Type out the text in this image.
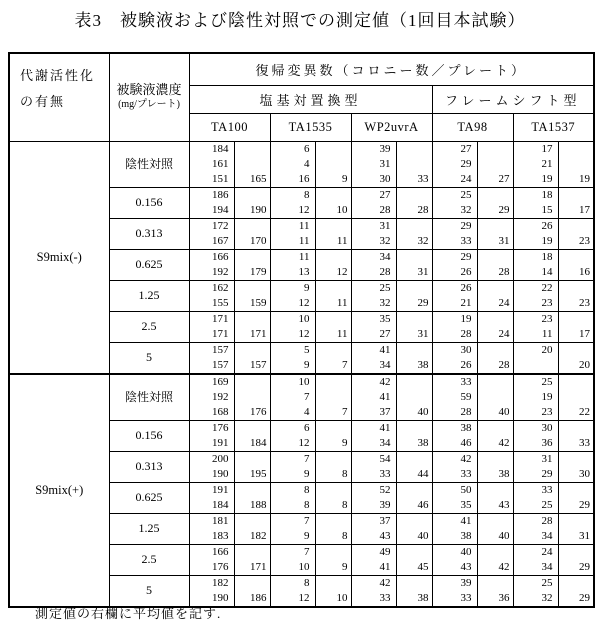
表3　被験液および陰性対照での測定値（1回目本試験）
代謝活性化
の有無

被験液濃度
(mg/プレート)
	復帰変異数（コロニー数／プレート）
		塩基対置換型						フレームシフト型			
		TA100		TA1535		WP2uvrA		TA98		TA1537	
S9mix(-)	陰性対照	184	165	6	9	39	33	27	27	17	19
		161		4		31		29		21	
		151		16		30		24		19	
	0.156	186	190	8	10	27	28	25	29	18	17
		194		12		28		32		15	
	0.313	172	170	11	11	31	32	29	31	26	23
		167		11		32		33		19	
	0.625	166	179	11	12	34	31	29	28	18	16
		192		13		28		26		14	
	1.25	162	159	9	11	25	29	26	24	22	23
		155		12		32		21		23	
	2.5	171	171	10	11	35	31	19	24	23	17
		171		12		27		28		11	
	5	157	157	5	7	41	38	30	28	20	20
		157		9		34		26			
S9mix(+)	陰性対照	169	176	10	7	42	40	33	40	25	22
		192		7		41		59		19	
		168		4		37		28		23	
	0.156	176	184	6	9	41	38	38	42	30	33
		191		12		34		46		36	
	0.313	200	195	7	8	54	44	42	38	31	30
		190		9		33		33		29	
	0.625	191	188	8	8	52	46	50	43	33	29
		184		8		39		35		25	
	1.25	181	182	7	8	37	40	41	40	28	31
		183		9		43		38		34	
	2.5	166	171	7	9	49	45	40	42	24	29
		176		10		41		43		34	
	5	182	186	8	10	42	38	39	36	25	29
		190		12		33		33		32	
測定値の右欄に平均値を記す.
